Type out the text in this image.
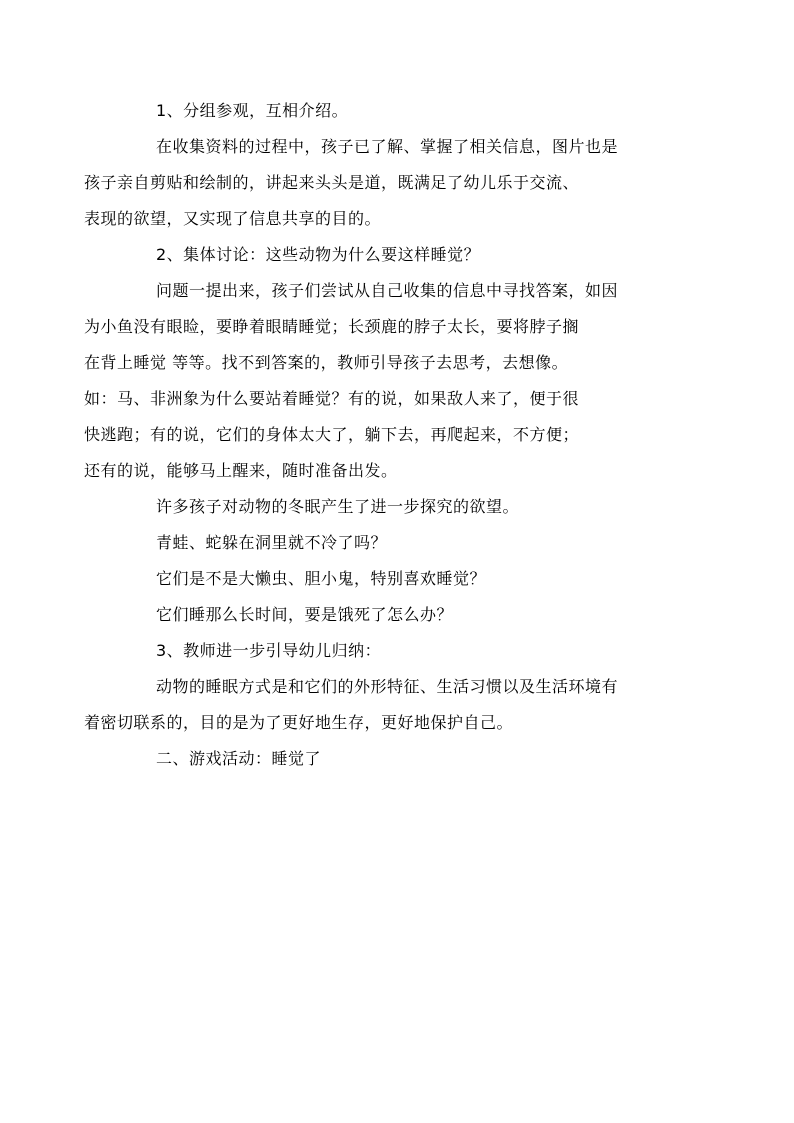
1、分组参观，互相介绍。

在收集资料的过程中，孩子已了解、掌握了相关信息，图片也是
孩子亲自剪贴和绘制的，讲起来头头是道，既满足了幼儿乐于交流、
表现的欲望，又实现了信息共享的目的。

2、集体讨论：这些动物为什么要这样睡觉？

问题一提出来，孩子们尝试从自己收集的信息中寻找答案，如因
为小鱼没有眼睑，要睁着眼睛睡觉；长颈鹿的脖子太长，要将脖子搁
在背上睡觉 等等。找不到答案的，教师引导孩子去思考，去想像。
如：马、非洲象为什么要站着睡觉？有的说，如果敌人来了，便于很
快逃跑；有的说，它们的身体太大了，躺下去，再爬起来，不方便；
还有的说，能够马上醒来，随时准备出发。

许多孩子对动物的冬眠产生了进一步探究的欲望。

青蛙、蛇躲在洞里就不冷了吗？

它们是不是大懒虫、胆小鬼，特别喜欢睡觉？

它们睡那么长时间，要是饿死了怎么办？

3、教师进一步引导幼儿归纳：

动物的睡眠方式是和它们的外形特征、生活习惯以及生活环境有
着密切联系的，目的是为了更好地生存，更好地保护自己。

二、游戏活动：睡觉了
